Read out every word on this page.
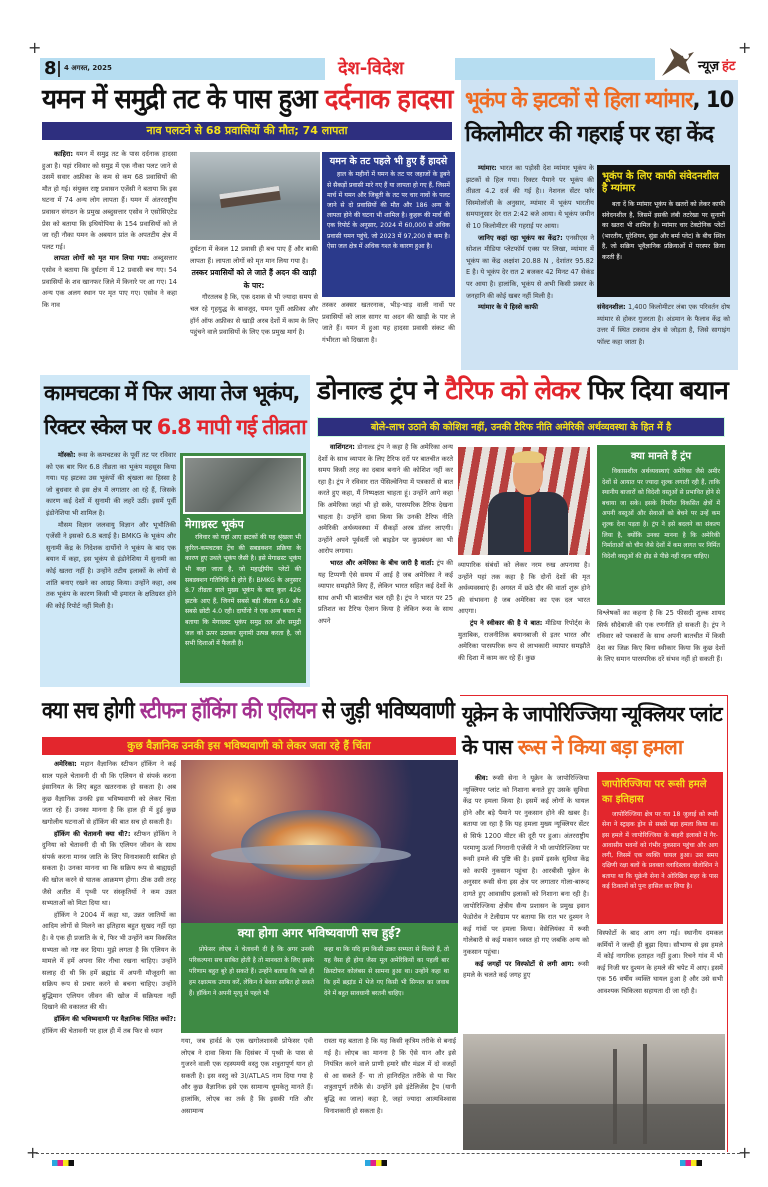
+	+
+	+
8 4 अगस्त, 2025	देश-विदेश	न्यूज़ हंट
यमन में समुद्री तट के पास हुआ दर्दनाक हादसा
नाव पलटने से 68 प्रवासियों की मौत; 74 लापता

काहिरा: यमन में समुद्र तट के पास दर्दनाक हादसा हुआ है। यहां रविवार को समुद्र में एक नौका पलट जाने से उसमें सवार अफ्रीका के कम से कम 68 प्रवासियों की मौत हो गई। संयुक्त राष्ट्र प्रवासन एजेंसी ने बताया कि इस घटना में 74 अन्य लोग लापता हैं। यमन में अंतरराष्ट्रीय प्रवासन संगठन के प्रमुख अब्दुसत्तार एसोव ने एसोसिएटेड प्रेस को बताया कि इथियोपिया के 154 प्रवासियों को ले जा रही नौका यमन के अबयान प्रांत के अपतटीय क्षेत्र में पलट गई।

लापता लोगों को मृत मान लिया गया: अब्दुसत्तार एसोव ने बताया कि दुर्घटना में 12 प्रवासी बच गए। 54 प्रवासियों के शव खानफर जिले में किनारे पर आ गए। 14 अन्य एक अलग स्थान पर मृत पाए गए। एसोव ने कहा कि नाव

दुर्घटना में केवल 12 प्रवासी ही बच पाए हैं और बाकी लापता हैं। लापता लोगों को मृत मान लिया गया है।

तस्कर प्रवासियों को ले जाते हैं अदन की खाड़ी के पार:

गौरतलब है कि, एक दशक से भी ज्यादा समय से चल रहे गृहयुद्ध के बावजूद, यमन पूर्वी अफ्रीका और हॉर्न ऑफ अफ्रीका से खाड़ी अरब देशों में काम के लिए पहुंचने वाले प्रवासियों के लिए एक प्रमुख मार्ग है।

यमन के तट पहले भी हुए हैं हादसे
हाल के महीनों में यमन के तट पर जहाजों के डूबने से सैकड़ों प्रवासी मारे गए हैं या लापता हो गए हैं, जिसमें मार्च में यमन और जिबूती के तट पर चार नावों के पलट जाने से दो प्रवासियों की मौत और 186 अन्य के लापता होने की घटना भी शामिल है। कुहरू की मार्च की एक रिपोर्ट के अनुसार, 2024 में 60,000 से अधिक प्रवासी यमन पहुंचे, जो 2023 में 97,200 से कम है। ऐसा जल क्षेत्र में अधिक गश्त के कारण हुआ है।

तस्कर अक्सर खतरनाक, भीड़-भाड़ वाली नावों पर प्रवासियों को लाल सागर या अदन की खाड़ी के पार ले जाते हैं। यमन में हुआ यह हादसा प्रवासी संकट की गंभीरता को दिखाता है।

भूकंप के झटकों से हिला म्यांमार, 10
किलोमीटर की गहराई पर रहा केंद

म्यांमार: भारत का पड़ोसी देश म्यांमार भूकंप के झटकों से हिल गया। रिक्टर पैमाने पर भूकंप की तीव्रता 4.2 दर्ज की गई है।। नेशनल सेंटर फॉर सिस्मोलॉजी के अनुसार, म्यांमार में भूकंप भारतीय समयानुसार देर रात 2:42 बजे आया। ये भूकंप जमीन से 10 किलोमीटर की गहराई पर आया।

जानिए कहां रहा भूकंप का केंद्र?: एनसीएस ने सोशल मीडिया प्लेटफॉर्म एक्स पर लिखा, म्यांमार में भूकंप का केंद्र अक्षांश 20.88 N , देशांतर 95.82 E है। ये भूकंप देर रात 2 बजकर 42 मिनट 47 सेकंड पर आया है। हालांकि, भूकंप से अभी किसी प्रकार के जनहानि की कोई खबर नहीं मिली है।

म्यांमार के ये हिस्से काफी

भूकंप के लिए काफी संवेदनशील है म्यांमार
बता दें कि म्यांमार भूकंप के खतरों को लेकर काफी संवेदनशील है, जिसमें इसकी लंबी तटरेखा पर सुनामी का खतरा भी शामिल है। म्यांमार चार टेक्टोनिक प्लेटों (भारतीय, यूरेशियन, सुंडा और बर्मा प्लेट) के बीच स्थित है, जो सक्रिय भूवैज्ञानिक प्रक्रियाओं में परस्पर क्रिया करती हैं।

संवेदनशील: 1,400 किलोमीटर लंबा एक परिवर्तन दोष म्यांमार से होकर गुजरता है। अंडमान के फैलाव केंद्र को उत्तर में स्थित टकराव क्षेत्र से जोड़ता है, जिसे सागाइंग फॉल्ट कहा जाता है।

कामचटका में फिर आया तेज भूकंप,
रिक्टर स्केल पर 6.8 मापी गई तीव्रता

मॉस्को: रूस के कमचटका के पूर्वी तट पर रविवार को एक बार फिर 6.8 तीव्रता का भूकंप महसूस किया गया। यह झटका उस भूकंपों की श्रृंखला का हिस्सा है जो बुधवार से इस क्षेत्र में लगातार आ रहे हैं, जिसके कारण कई देशों में सुनामी की लहरें उठीं। इसमें पूर्वी इंडोनेशिया भी शामिल है।

मौसम विज्ञान जलवायु विज्ञान और भूभौतिकी एजेंसी ने इसको 6.8 बताई है। BMKG के भूकंप और सुनामी केंद्र के निदेशक दार्योनो ने भूकंप के बाद एक बयान में कहा, इस भूकंप से इंडोनेशिया में सुनामी का कोई खतरा नहीं है। उन्होंने तटीय इलाकों के लोगों से शांति बनाए रखने का आग्रह किया। उन्होंने कहा, अब तक भूकंप के कारण किसी भी इमारत के क्षतिग्रस्त होने की कोई रिपोर्ट नहीं मिली है।

मेगाथ्रस्ट भूकंप
रविवार को यहां आए झटकों की यह श्रृंखला भी कुरिल-कमचटका ट्रेंच की सबडक्शन प्रक्रिया के कारण हुए उथले भूकंप जैसी है। इसे मेगाथ्रस्ट भूकंप भी कहा जाता है, जो महाद्वीपीय प्लेटों की सबडक्शन गतिविधि से होते हैं। BMKG के अनुसार 8.7 तीव्रता वाले मुख्य भूकंप के बाद कुल 426 झटके आए हैं, जिनमें सबसे बड़ी तीव्रता 6.9 और सबसे छोटी 4.0 रही। दार्योनो ने एक अन्य बयान में बताया कि मेगाथ्रस्ट भूकंप समुद्र तल और समुद्री जल को ऊपर उठाकर सुनामी उत्पन्न करता है, जो सभी दिशाओं में फैलती है।
डोनाल्ड ट्रंप ने टैरिफ को लेकर फिर दिया बयान
बोले-लाभ उठाने की कोशिश नहीं, उनकी टैरिफ नीति अमेरिकी अर्थव्यवस्था के हित में है

वाशिंगटन: डोनाल्ड ट्रंप ने कहा है कि अमेरिका अन्य देशों के साथ व्यापार के लिए टैरिफ दरों पर बातचीत करते समय किसी तरह का दबाव बनाने की कोशिश नहीं कर रहा है। ट्रंप ने रविवार रात पेंसिल्वेनिया में पत्रकारों से बात करते हुए कहा, मैं निष्पक्षता चाहता हूं। उन्होंने आगे कहा कि अमेरिका जहां भी हो सके, पारस्परिक टैरिफ देखना चाहता है। उन्होंने दावा किया कि उनकी टैरिफ नीति अमेरिकी अर्थव्यवस्था में सैकड़ों अरब डॉलर लाएगी। उन्होंने अपने पूर्ववर्ती जो बाइडेन पर कुप्रबंधन का भी आरोप लगाया।

भारत और अमेरिका के बीच जारी है वार्ता: ट्रंप की यह टिप्पणी ऐसे समय में आई है जब अमेरिका ने कई व्यापार समझौते किए हैं, लेकिन भारत सहित कई देशों के साथ अभी भी बातचीत चल रही है। ट्रंप ने भारत पर 25 प्रतिशत का टैरिफ ऐलान किया है लेकिन रूस के साथ अपने

व्यापारिक संबंधों को लेकर नरम रुख अपनाया है। उन्होंने यहां तक कहा है कि दोनों देशों की मृत अर्थव्यवस्थाएं हैं। अगस्त में छठे दौर की वार्ता शुरू होने की संभावना है जब अमेरिका का एक दल भारत आएगा।

ट्रंप ने स्वीकार की है ये बात: मीडिया रिपोर्ट्स के मुताबिक, राजनीतिक बयानबाजी से इतर भारत और अमेरिका पारस्परिक रूप से लाभकारी व्यापार समझौते की दिशा में काम कर रहे हैं। कुछ

क्या मानते हैं ट्रंप
विकासशील अर्थव्यवस्थाएं अमेरिका जैसे अमीर देशों से आयात पर ज्यादा शुल्क लगाती रही हैं, ताकि स्थानीय बाजारों को विदेशी वस्तुओं से प्रभावित होने से बचाया जा सके। इसके विपरीत विकसित क्षेत्रों में अपनी वस्तुओं और सेवाओं को बेचने पर उन्हें कम शुल्क देना पड़ता है। ट्रंप ने इसे बदलने का संकल्प लिया है, क्योंकि उनका मानना है कि अमेरिकी निर्माताओं को चीन जैसे देशों में कम लागत पर निर्मित विदेशी वस्तुओं की होड़ से पीछे नहीं रहना चाहिए।

विश्लेषकों का कहना है कि 25 फीसदी शुल्क शायद सिर्फ सौदेबाजी की एक रणनीति हो सकती है। ट्रंप ने रविवार को पत्रकारों के साथ अपनी बातचीत में किसी देश का जिक्र किए बिना स्वीकार किया कि कुछ देशों के लिए समान पारस्परिक दरें संभव नहीं हो सकती हैं।

क्या सच होगी स्टीफन हॉकिंग की एलियन से जुड़ी भविष्यवाणी
कुछ वैज्ञानिक उनकी इस भविष्यवाणी को लेकर जता रहे हैं चिंता

अमेरिका: महान वैज्ञानिक स्टीफन हॉकिंग ने कई साल पहले चेतावनी दी थी कि एलियन से संपर्क करना इंसानियत के लिए बहुत खतरनाक हो सकता है। अब कुछ वैज्ञानिक उनकी इस भविष्यवाणी को लेकर चिंता जता रहे हैं। उनका मानना है कि हाल ही में हुई कुछ खगोलीय घटनाओं से हॉकिंग की बात सच हो सकती है।

हॉकिंग की चेतावनी क्या थी?: स्टीफन हॉकिंग ने दुनिया को चेतावनी दी थी कि एलियन जीवन के साथ संपर्क करना मानव जाति के लिए विनाशकारी साबित हो सकता है। उनका मानना था कि सक्रिय रूप से बाह्यग्रहों की खोज करने से घातक आक्रमण होगा। ठीक उसी तरह जैसे अतीत में पृथ्वी पर संस्कृतियों ने कम उन्नत सभ्यताओं को मिटा दिया था।

हॉकिंग ने 2004 में कहा था, उन्नत जातियों का आदिम लोगों से मिलने का इतिहास बहुत सुखद नहीं रहा है। वे एक ही प्रजाति के थे, फिर भी उन्होंने कम विकसित सभ्यता को नष्ट कर दिया। मुझे लगता है कि एलियन के मामले में हमें अपना सिर नीचा रखना चाहिए। उन्होंने सलाह दी थी कि हमें ब्रह्मांड में अपनी मौजूदगी का सक्रिय रूप से प्रचार करने से बचना चाहिए। उन्होंने बुद्धिमान एलियन जीवन की खोज में सक्रियता नहीं दिखाने की वकालत की थी।

हॉकिंग की भविष्यवाणी पर वैज्ञानिक चिंतित क्यों?: हॉकिंग की चेतावनी पर हाल ही में तब फिर से ध्यान

क्या होगा अगर भविष्यवाणी सच हुई?
प्रोफेसर लोएब ने चेतावनी दी है कि अगर उनकी परिकल्पना सच साबित होती है तो मानवता के लिए इसके परिणाम बहुत बुरे हो सकते हैं। उन्होंने बताया कि भले ही हम रक्षात्मक उपाय करें, लेकिन वे बेकार साबित हो सकते हैं। हॉकिंग ने अपनी मृत्यु से पहले भी
कहा था कि यदि हम किसी उन्नत सभ्यता से मिलते हैं, तो यह वैसा ही होगा जैसा मूल अमेरिकियों का पहली बार क्रिस्टोफर कोलंबस से सामना हुआ था। उन्होंने कहा था कि हमें ब्रह्मांड में भेजे गए किसी भी सिग्नल का जवाब देने में बहुत सावधानी बरतनी चाहिए।

गया, जब हार्वर्ड के एक खगोलशास्त्री प्रोफेसर एवी लोएब ने दावा किया कि दिसंबर में पृथ्वी के पास से गुजरने वाली एक रहस्यमयी वस्तु एक शत्रुतापूर्ण यान हो सकती है। इस वस्तु को 3I/ATLAS नाम दिया गया है और कुछ वैज्ञानिक इसे एक सामान्य धूमकेतु मानते हैं। हालांकि, लोएब का तर्क है कि इसकी गति और असामान्य

रास्ता यह बताता है कि यह किसी कृत्रिम तरीके से बनाई गई है। लोएब का मानना है कि ऐसे यान और इसे नियंत्रित करने वाले प्राणी हमारे सौर मंडल में दो वजहों से आ सकते हैं- या तो हानिरहित तरीके से या फिर शत्रुतापूर्ण तरीके से। उन्होंने इसे इंटेलिजेंस ट्रैप (यानी बुद्धि का जाल) कहा है, जहां ज्यादा आत्मविश्वास विनाशकारी हो सकता है।

यूक्रेन के जापोरिज्जिया न्यूक्लियर प्लांट
के पास रूस ने किया बड़ा हमला

कीव: रूसी सेना ने यूक्रेन के जापोरिज्जिया न्यूक्लियर प्लांट को निशाना बनाते हुए उसके सुविधा केंद्र पर हमला किया है। इसमें कई लोगों के घायल होने और बड़े पैमाने पर नुकसान होने की खबर है। बताया जा रहा है कि यह हमला मुख्य न्यूक्लियर सेंटर से सिर्फ 1200 मीटर की दूरी पर हुआ। अंतरराष्ट्रीय परमाणु ऊर्जा निगरानी एजेंसी ने भी जापोरिज्जिया पर रूसी हमले की पुष्टि की है। इसमें इसके सुविधा केंद्र को काफी नुकसान पहुंचा है। आरबीसी यूक्रेन के अनुसार रूसी सेना इस क्षेत्र पर लगातार गोला-बारूद दागते हुए आवासीय इलाकों को निशाना बना रही है। जापोरिज्जिया क्षेत्रीय सैन्य प्रशासन के प्रमुख इवान फेडोरोव ने टेलीग्राम पर बताया कि रात भर दुश्मन ने कई गांवों पर हमला किया। वेसेलियंका में रूसी गोलेबारी से कई मकान ध्वस्त हो गए जबकि अन्य को नुकसान पहुंचा।

कई जगहों पर विस्फोटों से लगी आग: रूसी हमले के चलते कई जगह हुए

जापोरिज्जिया पर रूसी हमले का इतिहास
जापोरिज्जिया क्षेत्र पर गत 18 जुलाई को रूसी सेना ने स्ट्राइक ड्रोन से सबसे बड़ा हमला किया था। इस हमले में जापोरिज्जिया के बाहरी इलाकों में गैर-आवासीय भवनों को गंभीर नुकसान पहुंचा और आग लगी, जिसमें एक व्यक्ति घायल हुआ। उस समय दक्षिणी रक्षा बलों के प्रवक्ता व्लादिस्लाव वोलोशिन ने बताया था कि यूक्रेनी सेना ने ओरिखिव शहर के पास कई ठिकानों को पुनः हासिल कर लिया है।

विस्फोटों के बाद आग लग गई। स्थानीय दमकल कर्मियों ने जल्दी ही बुझा दिया। सौभाग्य से इस हमले में कोई नागरिक हताहत नहीं हुआ। रिचने गांव में भी कई निजी घर दुश्मन के हमले की चपेट में आए। इसमें एक 56 वर्षीय व्यक्ति घायल हुआ है और उसे सभी आवश्यक चिकित्सा सहायता दी जा रही है।
